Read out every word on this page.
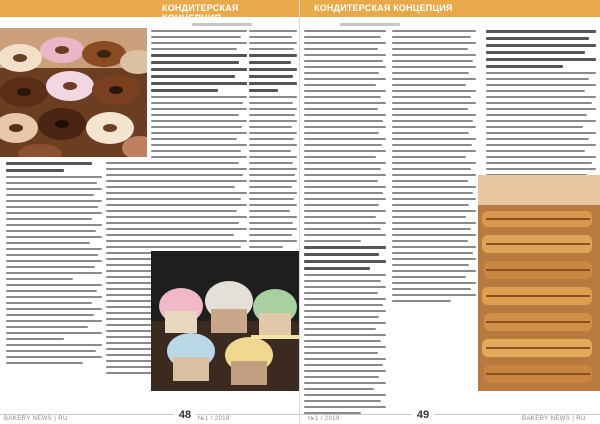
КОНДИТЕРСКАЯ КОНЦЕПЦИЯ
BAKERY NEWS | RU	48	№1 / 2019
КОНДИТЕРСКАЯ КОНЦЕПЦИЯ
№1 / 2019	49	BAKERY NEWS | RU
